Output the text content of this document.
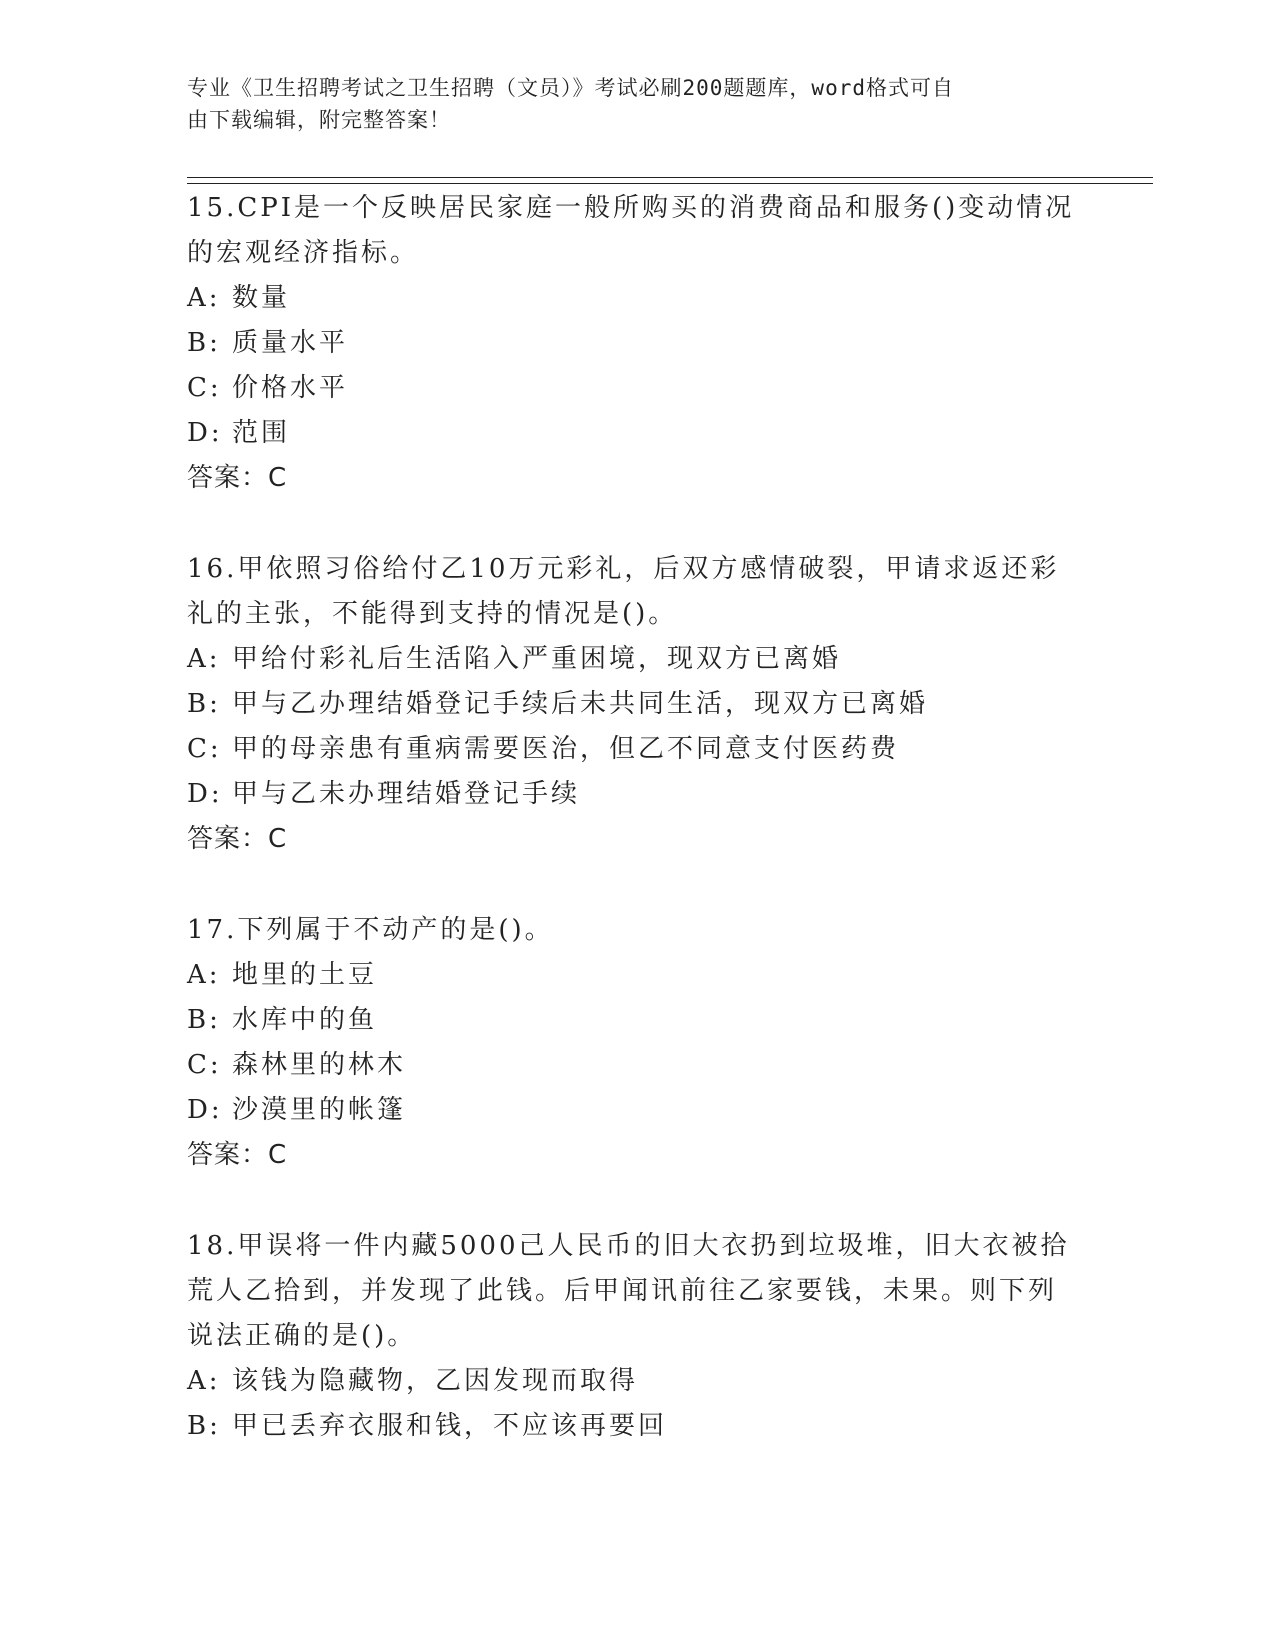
专业《卫生招聘考试之卫生招聘（文员）》考试必刷200题题库，word格式可自
由下载编辑，附完整答案！

15.CPI是一个反映居民家庭一般所购买的消费商品和服务()变动情况

的宏观经济指标。

A: 数量

B: 质量水平

C: 价格水平

D: 范围

答案：C

16.甲依照习俗给付乙10万元彩礼，后双方感情破裂，甲请求返还彩

礼的主张，不能得到支持的情况是()。

A: 甲给付彩礼后生活陷入严重困境，现双方已离婚

B: 甲与乙办理结婚登记手续后未共同生活，现双方已离婚

C: 甲的母亲患有重病需要医治，但乙不同意支付医药费

D: 甲与乙未办理结婚登记手续

答案：C

17.下列属于不动产的是()。

A: 地里的土豆

B: 水库中的鱼

C: 森林里的林木

D: 沙漠里的帐篷

答案：C

18.甲误将一件内藏5000己人民币的旧大衣扔到垃圾堆，旧大衣被拾

荒人乙拾到，并发现了此钱。后甲闻讯前往乙家要钱，未果。则下列

说法正确的是()。

A: 该钱为隐藏物，乙因发现而取得

B: 甲已丢弃衣服和钱，不应该再要回
